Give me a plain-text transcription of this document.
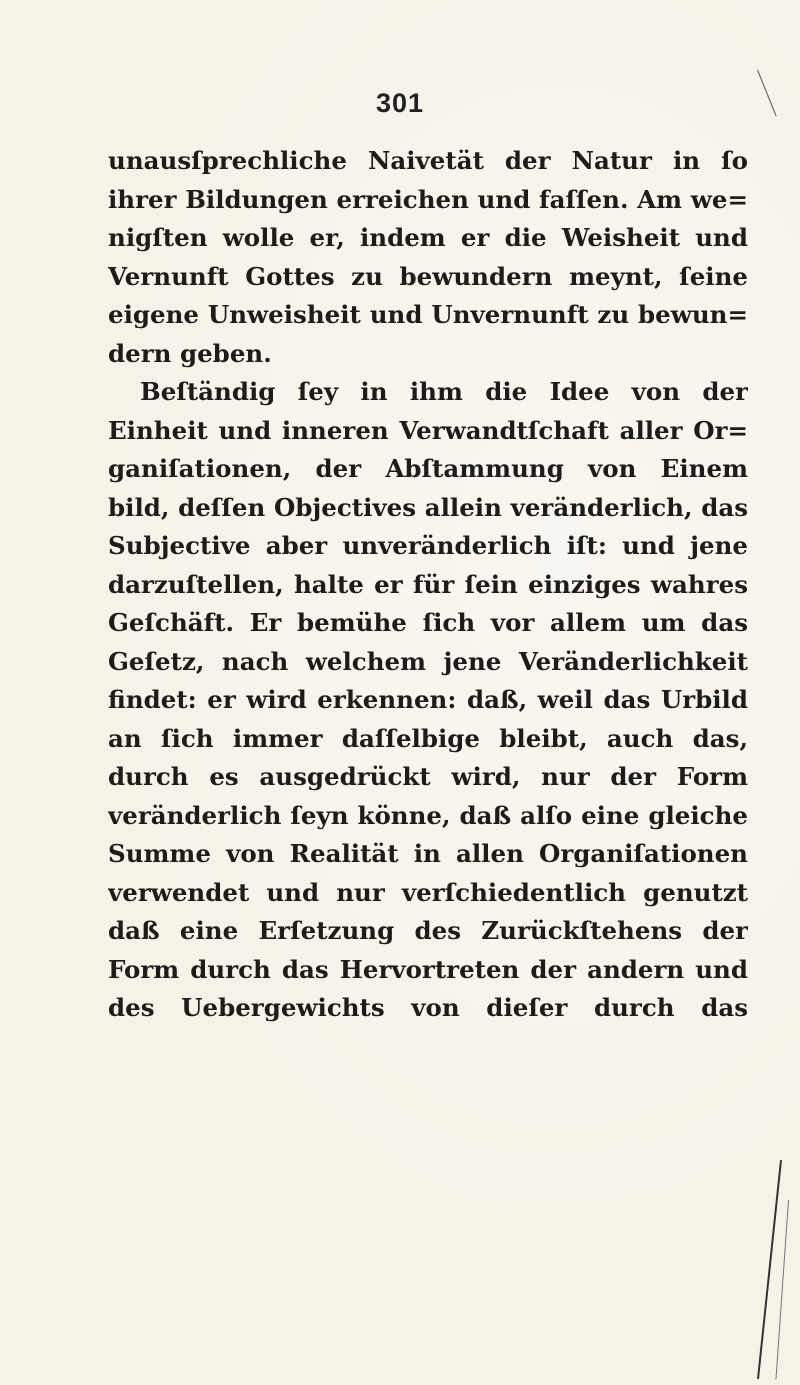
301
unausſprechliche Naivetät der Natur in ſo
ihrer Bildungen erreichen und faſſen. Am we=
nigſten wolle er, indem er die Weisheit und
Vernunft Gottes zu bewundern meynt, ſeine
eigene Unweisheit und Unvernunft zu bewun=
dern geben.
Beſtändig ſey in ihm die Idee von der
Einheit und inneren Verwandtſchaft aller Or=
ganiſationen, der Abſtammung von Einem
bild, deſſen Objectives allein veränderlich, das
Subjective aber unveränderlich iſt: und jene
darzuſtellen, halte er für ſein einziges wahres
Geſchäft. Er bemühe ſich vor allem um das
Geſetz, nach welchem jene Veränderlichkeit
findet: er wird erkennen: daß, weil das Urbild
an ſich immer daſſelbige bleibt, auch das,
durch es ausgedrückt wird, nur der Form
veränderlich ſeyn könne, daß alſo eine gleiche
Summe von Realität in allen Organiſationen
verwendet und nur verſchiedentlich genutzt
daß eine Erſetzung des Zurückſtehens der
Form durch das Hervortreten der andern und
des Uebergewichts von dieſer durch das
